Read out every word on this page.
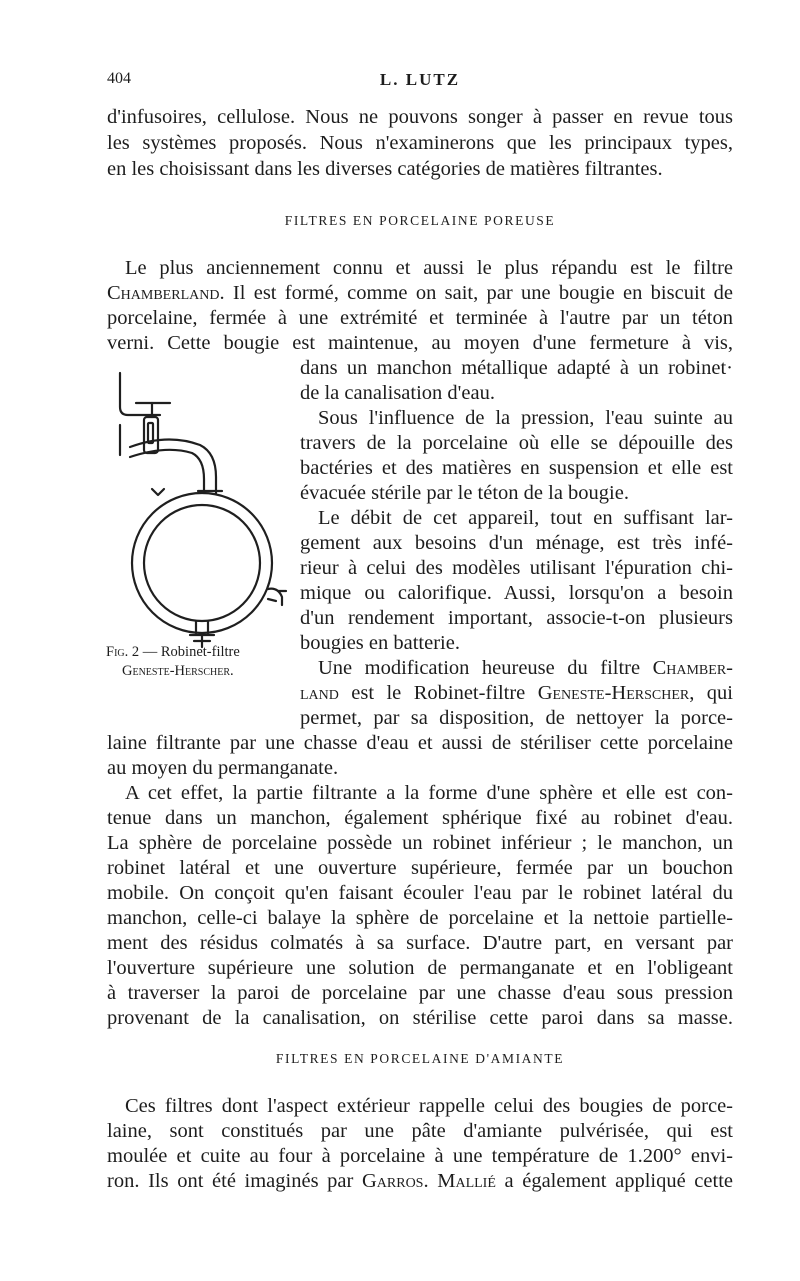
404	L. LUTZ
d'infusoires, cellulose. Nous ne pouvons songer à passer en revue tous
les systèmes proposés. Nous n'examinerons que les principaux types,
en les choisissant dans les diverses catégories de matières filtrantes.
FILTRES EN PORCELAINE POREUSE
Le plus anciennement connu et aussi le plus répandu est le filtre
Chamberland. Il est formé, comme on sait, par une bougie en biscuit de
porcelaine, fermée à une extrémité et terminée à l'autre par un téton
verni. Cette bougie est maintenue, au moyen d'une fermeture à vis,
dans un manchon métallique adapté à un robinet·
de la canalisation d'eau.
Sous l'influence de la pression, l'eau suinte au
travers de la porcelaine où elle se dépouille des
bactéries et des matières en suspension et elle est
évacuée stérile par le téton de la bougie.
Le débit de cet appareil, tout en suffisant lar-
gement aux besoins d'un ménage, est très infé-
rieur à celui des modèles utilisant l'épuration chi-
mique ou calorifique. Aussi, lorsqu'on a besoin
d'un rendement important, associe-t-on plusieurs
bougies en batterie.
Une modification heureuse du filtre Chamber-
land est le Robinet-filtre Geneste-Herscher, qui
permet, par sa disposition, de nettoyer la porce-
Fig. 2 — Robinet-filtre
Geneste-Herscher.
laine filtrante par une chasse d'eau et aussi de stériliser cette porcelaine
au moyen du permanganate.
A cet effet, la partie filtrante a la forme d'une sphère et elle est con-
tenue dans un manchon, également sphérique fixé au robinet d'eau.
La sphère de porcelaine possède un robinet inférieur ; le manchon, un
robinet latéral et une ouverture supérieure, fermée par un bouchon
mobile. On conçoit qu'en faisant écouler l'eau par le robinet latéral du
manchon, celle-ci balaye la sphère de porcelaine et la nettoie partielle-
ment des résidus colmatés à sa surface. D'autre part, en versant par
l'ouverture supérieure une solution de permanganate et en l'obligeant
à traverser la paroi de porcelaine par une chasse d'eau sous pression
provenant de la canalisation, on stérilise cette paroi dans sa masse.
FILTRES EN PORCELAINE D'AMIANTE
Ces filtres dont l'aspect extérieur rappelle celui des bougies de porce-
laine, sont constitués par une pâte d'amiante pulvérisée, qui est
moulée et cuite au four à porcelaine à une température de 1.200° envi-
ron. Ils ont été imaginés par Garros. Mallié a également appliqué cette
